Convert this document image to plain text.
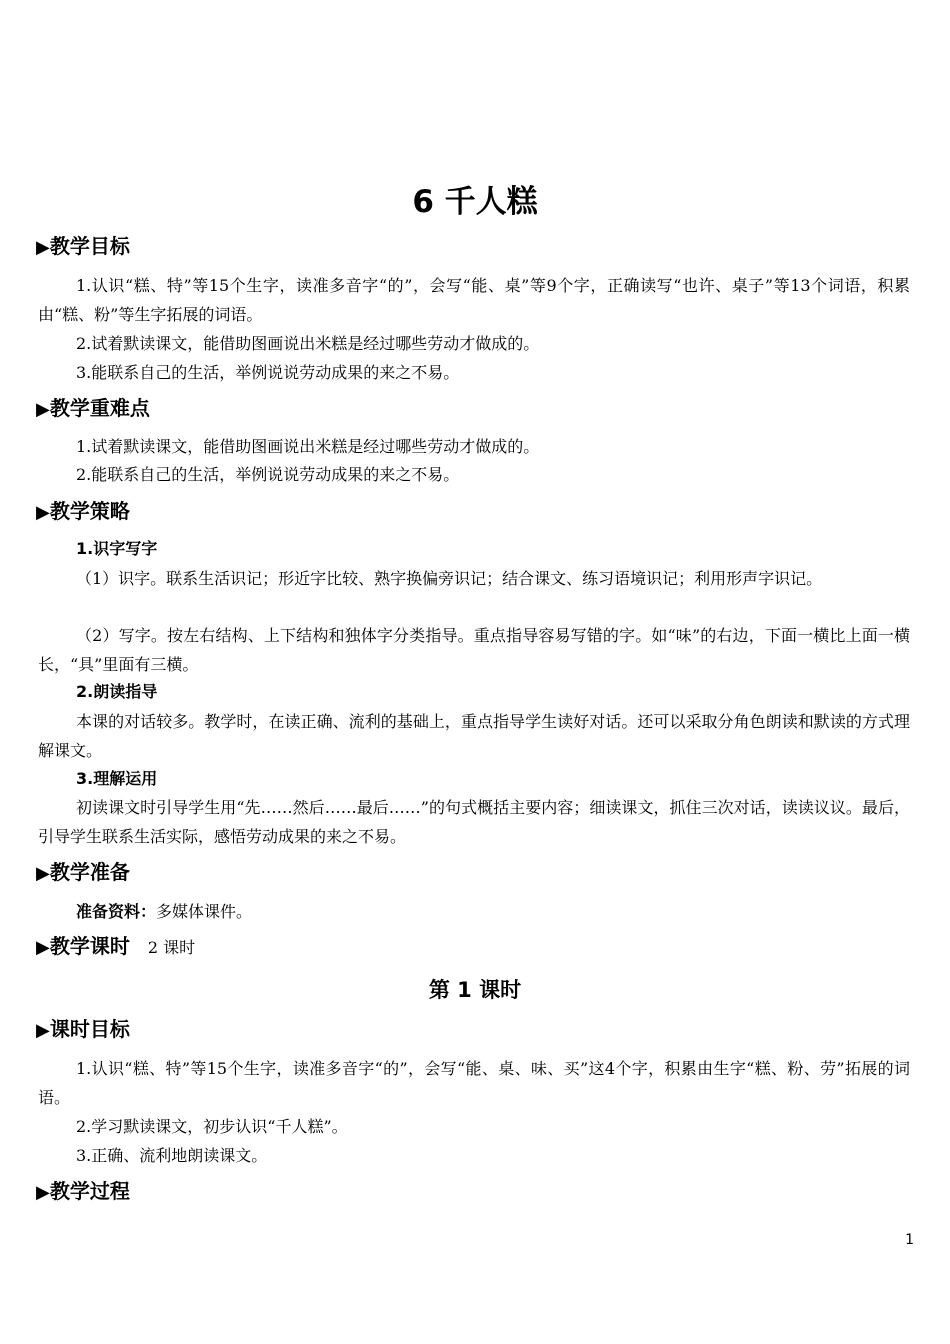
6 千人糕
▶教学目标
1.认识“糕、特”等15个生字，读准多音字“的”，会写“能、桌”等9个字，正确读写“也许、桌子”等13个词语，积累由“糕、粉”等生字拓展的词语。
2.试着默读课文，能借助图画说出米糕是经过哪些劳动才做成的。
3.能联系自己的生活，举例说说劳动成果的来之不易。
▶教学重难点
1.试着默读课文，能借助图画说出米糕是经过哪些劳动才做成的。
2.能联系自己的生活，举例说说劳动成果的来之不易。
▶教学策略
1.识字写字
（1）识字。联系生活识记；形近字比较、熟字换偏旁识记；结合课文、练习语境识记；利用形声字识记。
（2）写字。按左右结构、上下结构和独体字分类指导。重点指导容易写错的字。如“味”的右边，下面一横比上面一横长，“具”里面有三横。
2.朗读指导
本课的对话较多。教学时，在读正确、流利的基础上，重点指导学生读好对话。还可以采取分角色朗读和默读的方式理解课文。
3.理解运用
初读课文时引导学生用“先……然后……最后……”的句式概括主要内容；细读课文，抓住三次对话，读读议议。最后，引导学生联系生活实际，感悟劳动成果的来之不易。
▶教学准备
准备资料：多媒体课件。
▶教学课时 2 课时
第 1 课时
▶课时目标
1.认识“糕、特”等15个生字，读准多音字“的”，会写“能、桌、味、买”这4个字，积累由生字“糕、粉、劳”拓展的词语。
2.学习默读课文，初步认识“千人糕”。
3.正确、流利地朗读课文。
▶教学过程
1
